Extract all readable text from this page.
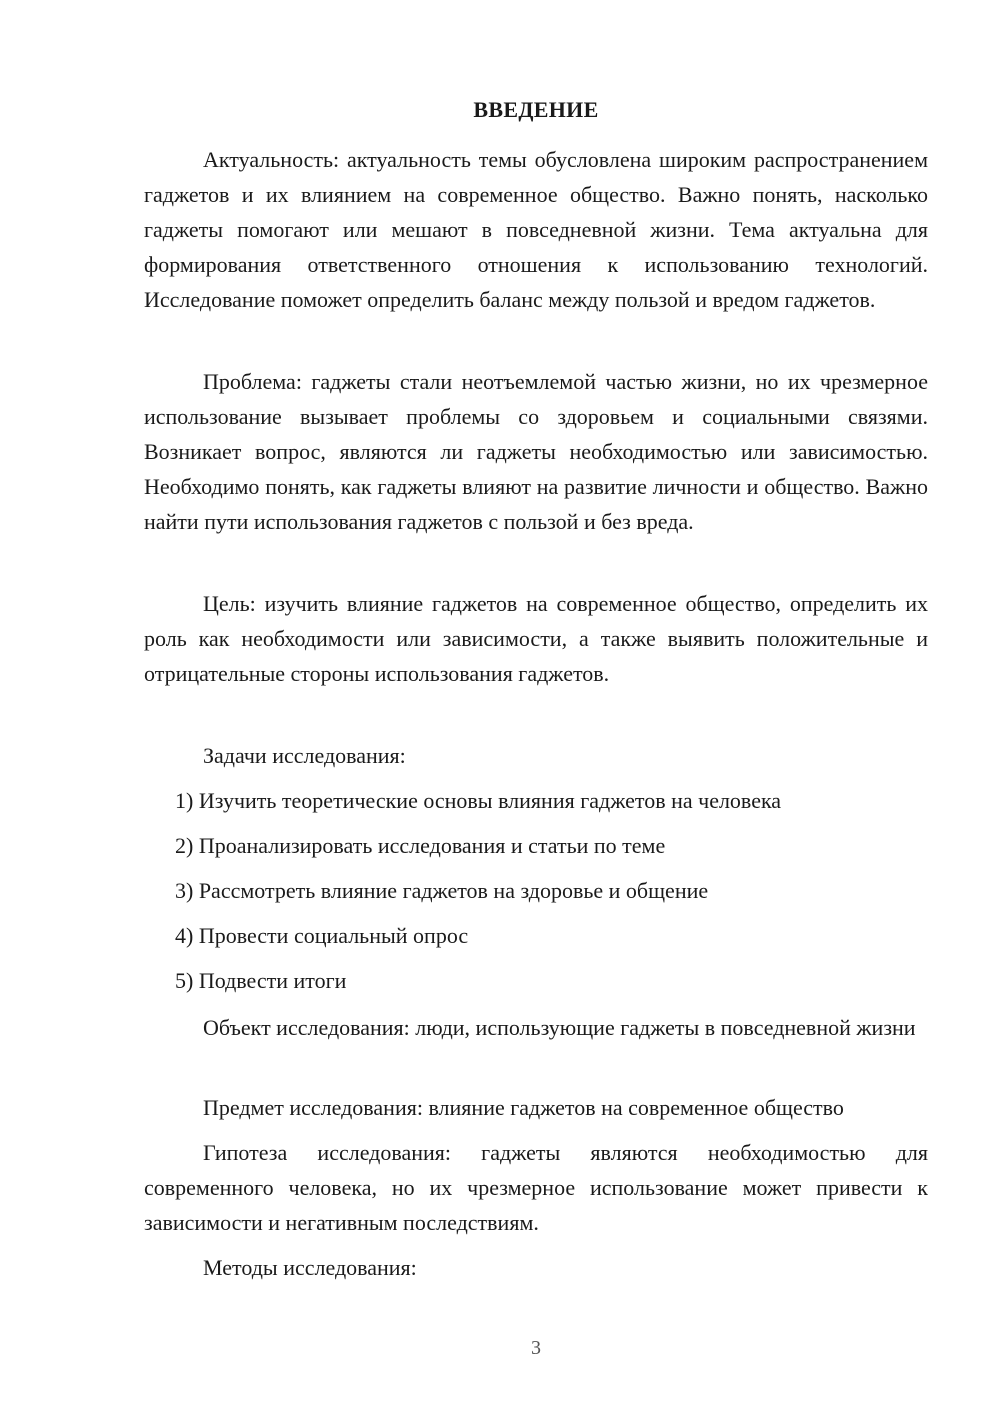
ВВЕДЕНИЕ

Актуальность: актуальность темы обусловлена широким распространением гаджетов и их влиянием на современное общество. Важно понять, насколько гаджеты помогают или мешают в повседневной жизни. Тема актуальна для формирования ответственного отношения к использованию технологий. Исследование поможет определить баланс между пользой и вредом гаджетов.

Проблема: гаджеты стали неотъемлемой частью жизни, но их чрезмерное использование вызывает проблемы со здоровьем и социальными связями. Возникает вопрос, являются ли гаджеты необходимостью или зависимостью. Необходимо понять, как гаджеты влияют на развитие личности и общество. Важно найти пути использования гаджетов с пользой и без вреда.

Цель: изучить влияние гаджетов на современное общество, определить их роль как необходимости или зависимости, а также выявить положительные и отрицательные стороны использования гаджетов.

Задачи исследования:

1) Изучить теоретические основы влияния гаджетов на человека

2) Проанализировать исследования и статьи по теме

3) Рассмотреть влияние гаджетов на здоровье и общение

4) Провести социальный опрос

5) Подвести итоги

Объект исследования: люди, использующие гаджеты в повседневной жизни

Предмет исследования: влияние гаджетов на современное общество

Гипотеза исследования: гаджеты являются необходимостью для современного человека, но их чрезмерное использование может привести к зависимости и негативным последствиям.

Методы исследования:

3
